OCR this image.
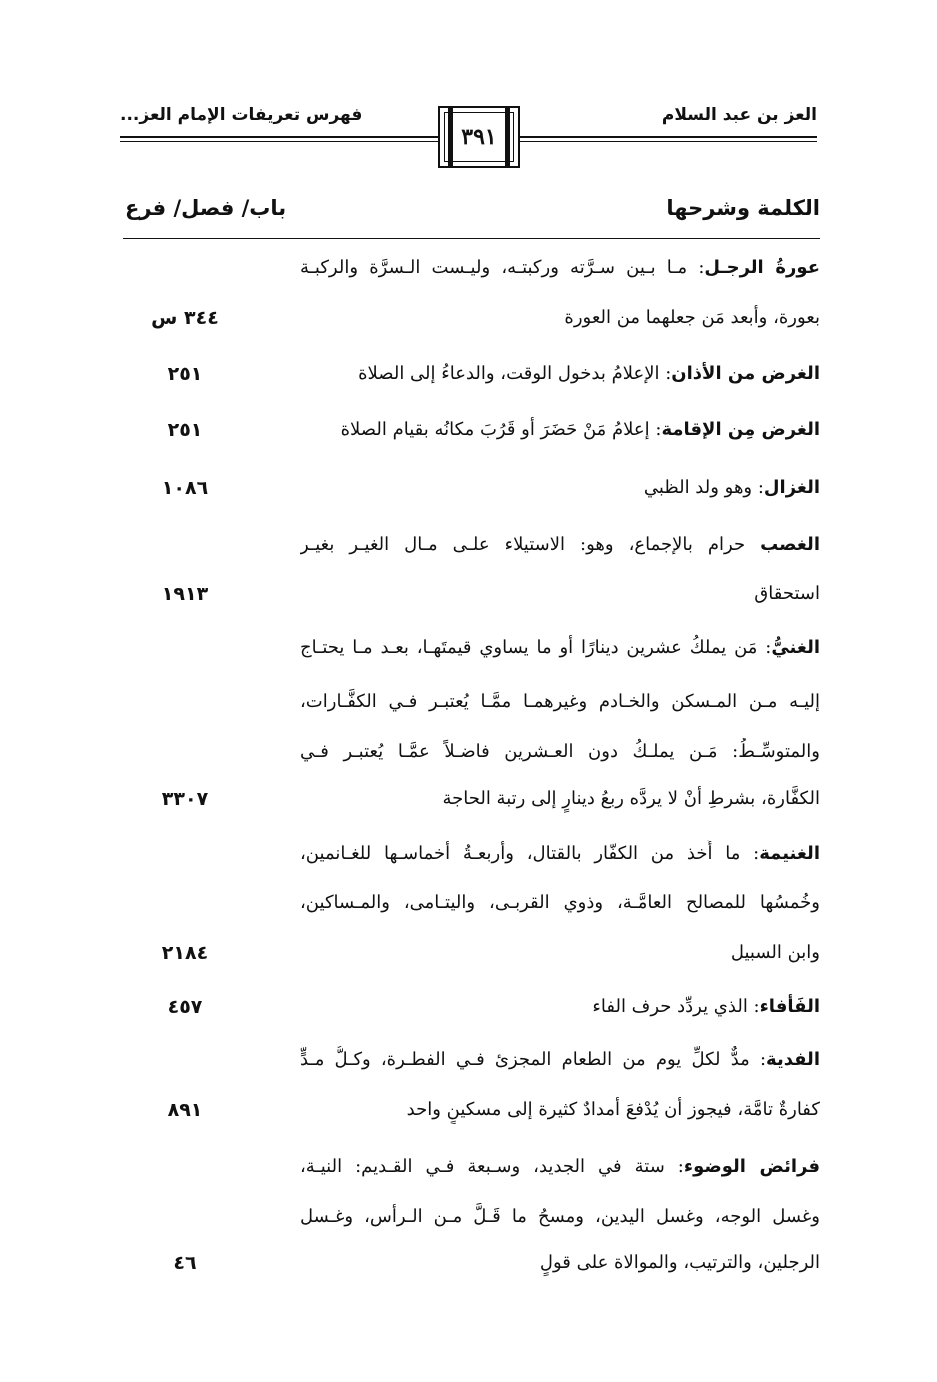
العز بن عبد السلام
فهرس تعريفات الإمام العز...
٣٩١
الكلمة وشرحها
باب/ فصل/ فرع
عورةُ الرجـل: مـا بـين سـرَّته وركبتـه، وليـست الـسرَّة والركبـة
بعورة، وأبعد مَن جعلهما من العورة
٣٤٤ س
الغرض من الأذان: الإعلامُ بدخول الوقت، والدعاءُ إلى الصلاة
٢٥١
الغرض مِن الإقامة: إعلامُ مَنْ حَضَرَ أو قَرُبَ مكانُه بقيام الصلاة
٢٥١
الغزال: وهو ولد الظبي
١٠٨٦
الغصب حرام بالإجماع، وهو: الاستيلاء علـى مـال الغيـر بغيـر
استحقاق
١٩١٣
الغنيُّ: مَن يملكُ عشرين دينارًا أو ما يساوي قيمتَهـا، بعـد مـا يحتـاج
إليـه مـن المـسكن والخـادم وغيرهمـا ممَّـا يُعتبـر فـي الكفَّـارات،
والمتوسِّـطُ: مَـن يملـكُ دون العـشرين فاضـلاً عمَّـا يُعتبـر فـي
الكفَّارة، بشرطِ أنْ لا يردَّه ربعُ دينارٍ إلى رتبة الحاجة
٣٣٠٧
الغنيمة: ما أُخذ من الكفّار بالقتال، وأربعـةُ أخماسـها للغـانمين،
وخُمسُها للمصالح العامَّـة، وذوي القربـى، واليتـامى، والمـساكين،
وابن السبيل
٢١٨٤
الفَأْفاء: الذي يردِّد حرف الفاء
٤٥٧
الفدية: مدٌّ لكلِّ يوم من الطعام المجزئ فـي الفطـرة، وكـلُّ مـدٍّ
كفارةٌ تامَّة، فيجوز أن يُدْفعَ أمدادٌ كثيرة إلى مسكينٍ واحد
٨٩١
فرائض الوضوء: ستة في الجديد، وسـبعة فـي القـديم: النيـة،
وغسل الوجه، وغسل اليدين، ومسحُ ما قَـلَّ مـن الـرأس، وغـسل
الرجلين، والترتيب، والموالاة على قولٍ
٤٦
